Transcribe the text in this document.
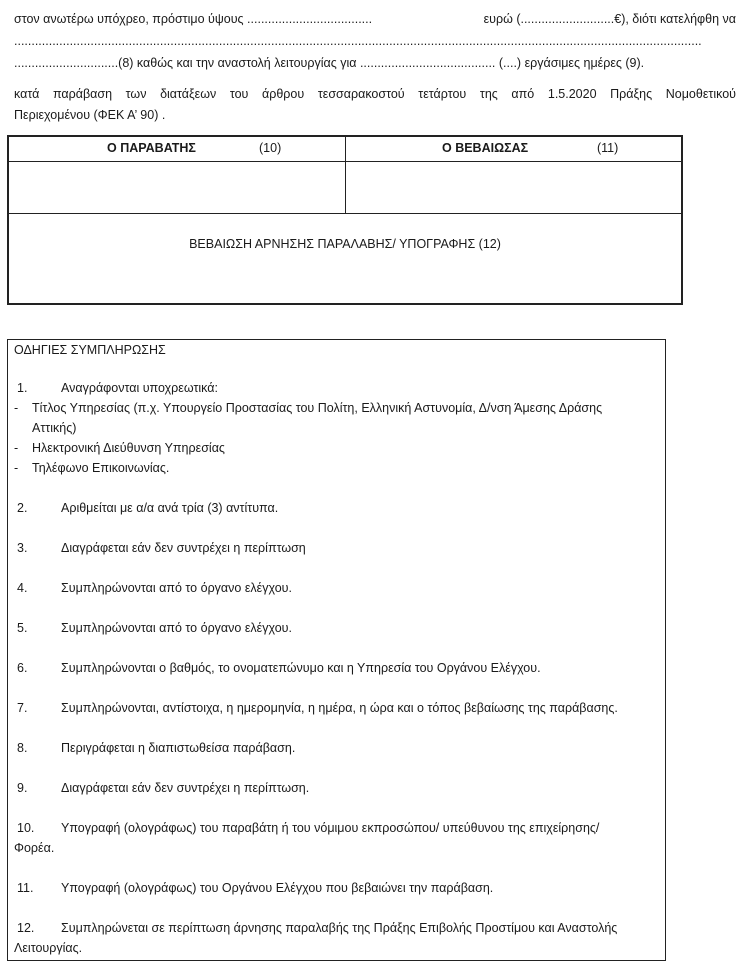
στον ανωτέρω υπόχρεο, πρόστιμο ύψους ....................................	ευρώ (...........................€), διότι κατελήφθη να
......................................................................................................................................................................................................
..............................(8) καθώς και την αναστολή λειτουργίας για ....................................... (....) εργάσιμες ημέρες (9).
κατά παράβαση των διατάξεων του άρθρου τεσσαρακοστού τετάρτου της από 1.5.2020 Πράξης Νομοθετικού
Περιεχομένου (ΦΕΚ Α’ 90) .
Ο ΠΑΡΑΒΑΤΗΣ	(10)	Ο ΒΕΒΑΙΩΣΑΣ	(11)
ΒΕΒΑΙΩΣΗ ΑΡΝΗΣΗΣ ΠΑΡΑΛΑΒΗΣ/ ΥΠΟΓΡΑΦΗΣ (12)
ΟΔΗΓΙΕΣ ΣΥΜΠΛΗΡΩΣΗΣ
1.	Αναγράφονται υποχρεωτικά:
-	Τίτλος Υπηρεσίας (π.χ. Υπουργείο Προστασίας του Πολίτη, Ελληνική Αστυνομία, Δ/νση Άμεσης Δράσης
Αττικής)
-	Ηλεκτρονική Διεύθυνση Υπηρεσίας
-	Τηλέφωνο Επικοινωνίας.
2.	Αριθμείται με α/α ανά τρία (3) αντίτυπα.
3.	Διαγράφεται εάν δεν συντρέχει η περίπτωση
4.	Συμπληρώνονται από το όργανο ελέγχου.
5.	Συμπληρώνονται από το όργανο ελέγχου.
6.	Συμπληρώνονται ο βαθμός, το ονοματεπώνυμο και η Υπηρεσία του Οργάνου Ελέγχου.
7.	Συμπληρώνονται, αντίστοιχα, η ημερομηνία, η ημέρα, η ώρα και ο τόπος βεβαίωσης της παράβασης.
8.	Περιγράφεται η διαπιστωθείσα παράβαση.
9.	Διαγράφεται εάν δεν συντρέχει η περίπτωση.
10. Υπογραφή (ολογράφως) του παραβάτη ή του νόμιμου εκπροσώπου/ υπεύθυνου της επιχείρησης/
Φορέα.
11. Υπογραφή (ολογράφως) του Οργάνου Ελέγχου που βεβαιώνει την παράβαση.
12. Συμπληρώνεται σε περίπτωση άρνησης παραλαβής της Πράξης Επιβολής Προστίμου και Αναστολής
Λειτουργίας.
